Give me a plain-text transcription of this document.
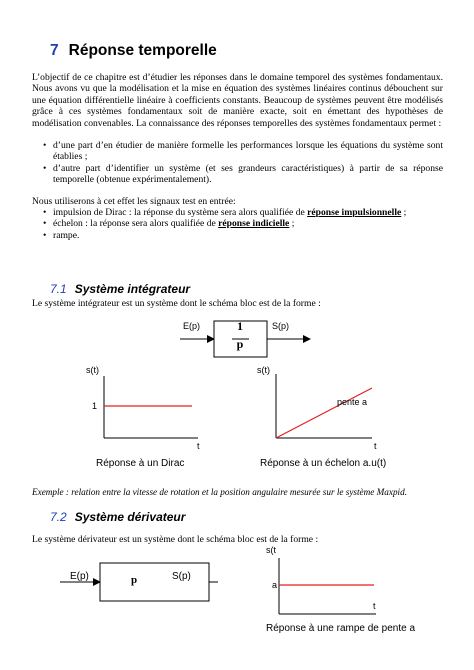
7 Réponse temporelle
L’objectif de ce chapitre est d’étudier les réponses dans le domaine temporel des systèmes fondamentaux. Nous avons vu que la modélisation et la mise en équation des systèmes linéaires continus débouchent sur une équation différentielle linéaire à coefficients constants. Beaucoup de systèmes peuvent être modélisés grâce à ces systèmes fondamentaux soit de manière exacte, soit en émettant des hypothèses de modélisation convenables. La connaissance des réponses temporelles des systèmes fondamentaux permet :
• d’une part d’en étudier de manière formelle les performances lorsque les équations du système sont établies ;
• d’autre part d’identifier un système (et ses grandeurs caractéristiques) à partir de sa réponse temporelle (obtenue expérimentalement).
Nous utiliserons à cet effet les signaux test en entrée:
• impulsion de Dirac : la réponse du système sera alors qualifiée de réponse impulsionnelle ;
• échelon : la réponse sera alors qualifiée de réponse indicielle ;
• rampe.
7.1 Système intégrateur
Le système intégrateur est un système dont le schéma bloc est de la forme :
E(p)	S(p)
1
p
s(t)
1
t
Réponse à un Dirac
s(t)
pente a
t
Réponse à un échelon a.u(t)
Exemple : relation entre la vitesse de rotation et la position angulaire mesurée sur le système Maxpid.
7.2 Système dérivateur
Le système dérivateur est un système dont le schéma bloc est de la forme :
E(p)	S(p)
p
s(t
a
t
Réponse à une rampe de pente a
